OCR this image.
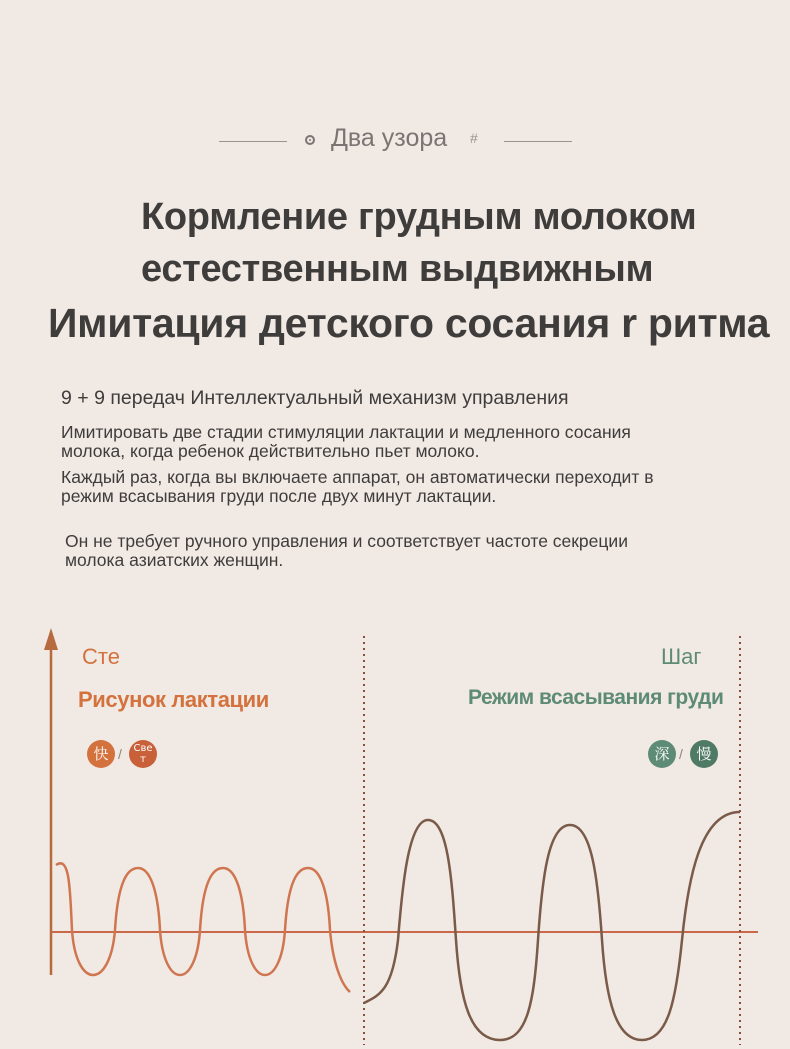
Два узора #
Кормление грудным молоком
естественным выдвижным
Имитация детского сосания r ритма
9 + 9 передач Интеллектуальный механизм управления
Имитировать две стадии стимуляции лактации и медленного сосания
молока, когда ребенок действительно пьет молоко.
Каждый раз, когда вы включаете аппарат, он автоматически переходит в
режим всасывания груди после двух минут лактации.
Он не требует ручного управления и соответствует частоте секреции
молока азиатских женщин.
Сте
Рисунок лактации
快 /	Све
т
Шаг
Режим всасывания груди
深 / 慢
